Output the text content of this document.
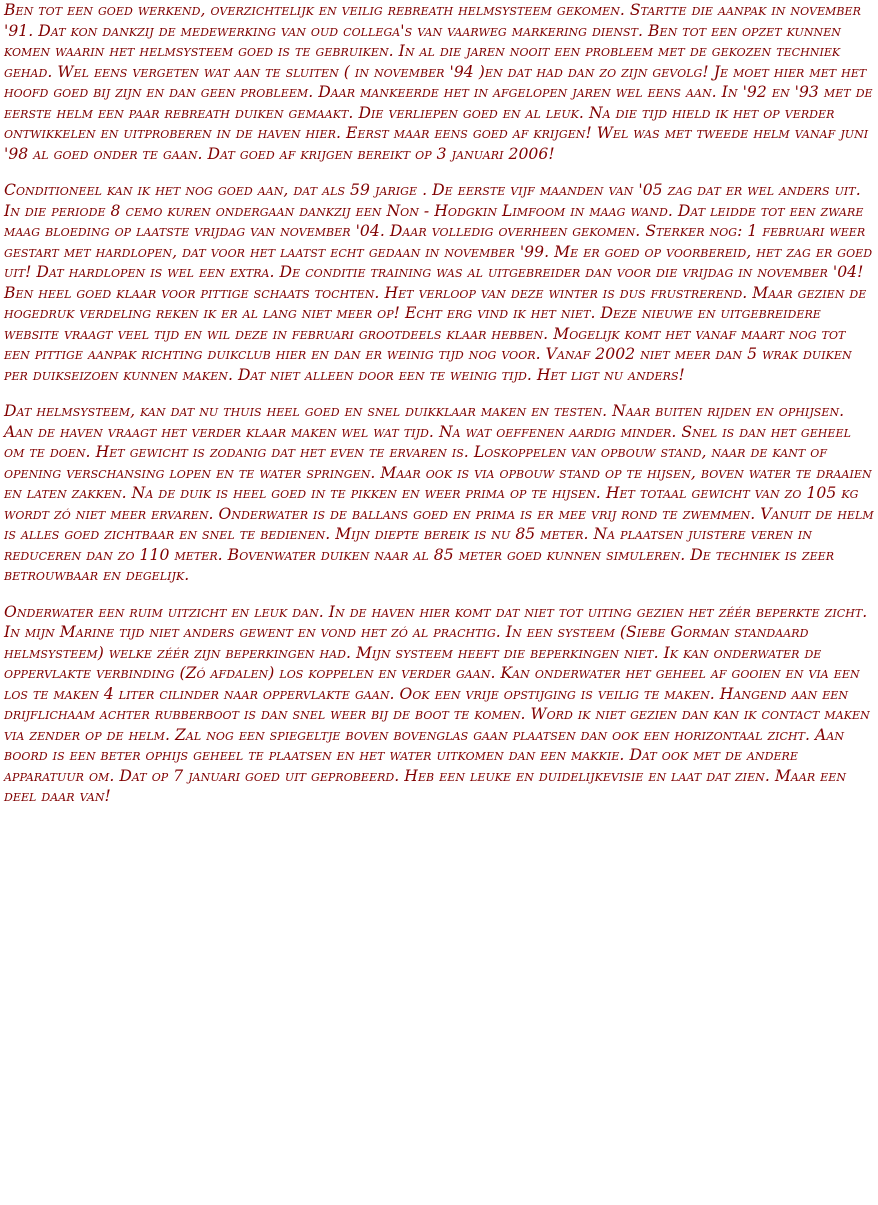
Ben tot een goed werkend, overzichtelijk en veilig rebreath helmsysteem gekomen. Startte die aanpak in november '91. Dat kon dankzij de medewerking van oud collega's van vaarweg markering dienst. Ben tot een opzet kunnen komen waarin het helmsysteem goed is te gebruiken. In al die jaren nooit een probleem met de gekozen techniek gehad. Wel eens vergeten wat aan te sluiten ( in november '94 )en dat had dan zo zijn gevolg! Je moet hier met het hoofd goed bij zijn en dan geen probleem. Daar mankeerde het in afgelopen jaren wel eens aan. In '92 en '93 met de eerste helm een paar rebreath duiken gemaakt. Die verliepen goed en al leuk. Na die tijd hield ik het op verder ontwikkelen en uitproberen in de haven hier. Eerst maar eens goed af krijgen! Wel was met tweede helm vanaf juni '98 al goed onder te gaan. Dat goed af krijgen bereikt op 3 januari 2006!

Conditioneel kan ik het nog goed aan, dat als 59 jarige . De eerste vijf maanden van '05 zag dat er wel anders uit. In die periode 8 cemo kuren ondergaan dankzij een Non - Hodgkin Limfoom in maag wand. Dat leidde tot een zware maag bloeding op laatste vrijdag van november '04. Daar volledig overheen gekomen. Sterker nog: 1 februari weer gestart met hardlopen, dat voor het laatst echt gedaan in november '99. Me er goed op voorbereid, het zag er goed uit! Dat hardlopen is wel een extra. De conditie training was al uitgebreider dan voor die vrijdag in november '04! Ben heel goed klaar voor pittige schaats tochten. Het verloop van deze winter is dus frustrerend. Maar gezien de hogedruk verdeling reken ik er al lang niet meer op! Echt erg vind ik het niet. Deze nieuwe en uitgebreidere website vraagt veel tijd en wil deze in februari grootdeels klaar hebben. Mogelijk komt het vanaf maart nog tot een pittige aanpak richting duikclub hier en dan er weinig tijd nog voor. Vanaf 2002 niet meer dan 5 wrak duiken per duikseizoen kunnen maken. Dat niet alleen door een te weinig tijd. Het ligt nu anders!

Dat helmsysteem, kan dat nu thuis heel goed en snel duikklaar maken en testen. Naar buiten rijden en ophijsen. Aan de haven vraagt het verder klaar maken wel wat tijd. Na wat oeffenen aardig minder. Snel is dan het geheel om te doen. Het gewicht is zodanig dat het even te ervaren is. Loskoppelen van opbouw stand, naar de kant of opening verschansing lopen en te water springen. Maar ook is via opbouw stand op te hijsen, boven water te draaien en laten zakken. Na de duik is heel goed in te pikken en weer prima op te hijsen. Het totaal gewicht van zo 105 kg wordt zó niet meer ervaren. Onderwater is de ballans goed en prima is er mee vrij rond te zwemmen. Vanuit de helm is alles goed zichtbaar en snel te bedienen. Mijn diepte bereik is nu 85 meter. Na plaatsen juistere veren in reduceren dan zo 110 meter. Bovenwater duiken naar al 85 meter goed kunnen simuleren. De techniek is zeer betrouwbaar en degelijk.

Onderwater een ruim uitzicht en leuk dan. In de haven hier komt dat niet tot uiting gezien het zéér beperkte zicht. In mijn Marine tijd niet anders gewent en vond het zó al prachtig. In een systeem (Siebe Gorman standaard helmsysteem) welke zéér zijn beperkingen had. Mijn systeem heeft die beperkingen niet. Ik kan onderwater de oppervlakte verbinding (Zó afdalen) los koppelen en verder gaan. Kan onderwater het geheel af gooien en via een los te maken 4 liter cilinder naar oppervlakte gaan. Ook een vrije opstijging is veilig te maken. Hangend aan een drijflichaam achter rubberboot is dan snel weer bij de boot te komen. Word ik niet gezien dan kan ik contact maken via zender op de helm. Zal nog een spiegeltje boven bovenglas gaan plaatsen dan ook een horizontaal zicht. Aan boord is een beter ophijs geheel te plaatsen en het water uitkomen dan een makkie. Dat ook met de andere apparatuur om. Dat op 7 januari goed uit geprobeerd. Heb een leuke en duidelijkevisie en laat dat zien. Maar een deel daar van!
